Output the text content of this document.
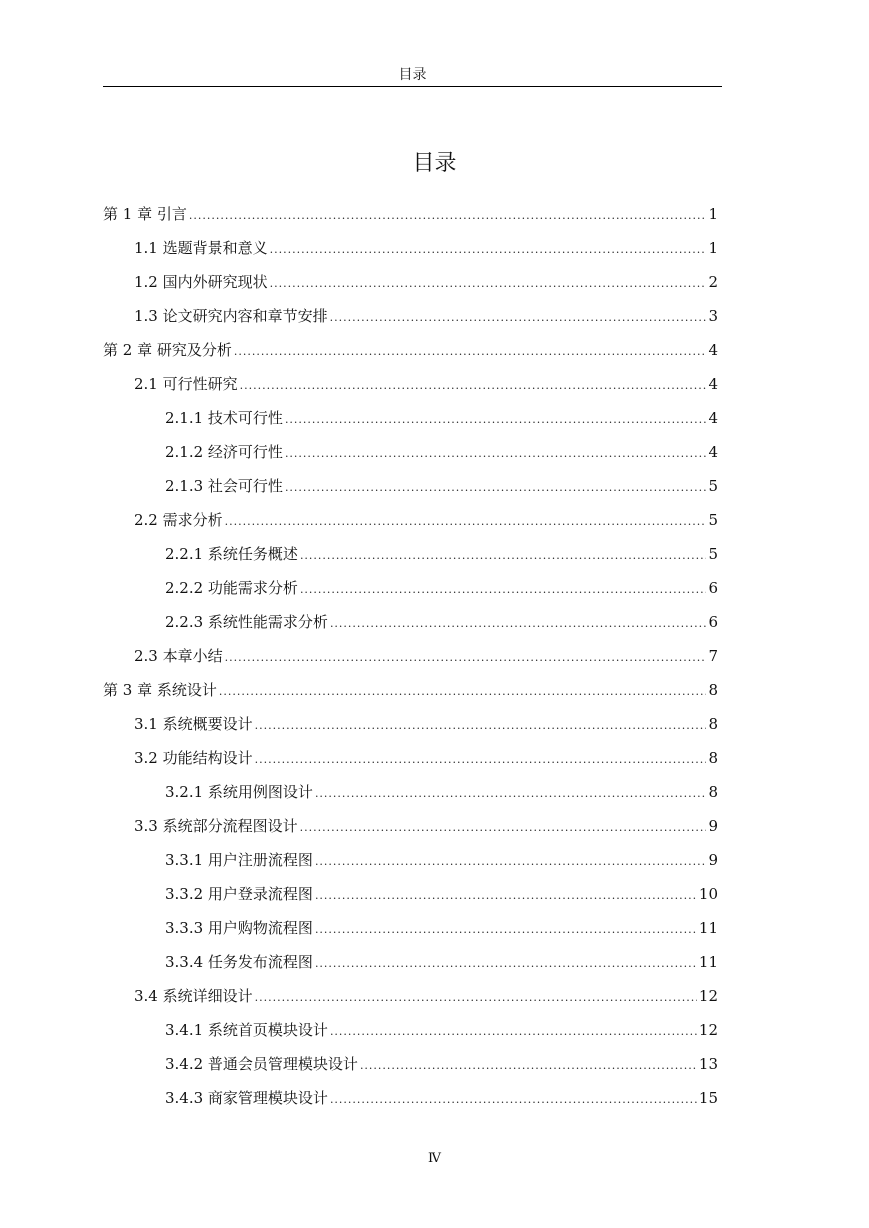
目录
目录
第 1 章 引言 .....	1
1.1 选题背景和意义 .....	1
1.2 国内外研究现状 .....	2
1.3 论文研究内容和章节安排 .....	3
第 2 章 研究及分析 .....	4
2.1 可行性研究 .....	4
2.1.1 技术可行性 .....	4
2.1.2 经济可行性 .....	4
2.1.3 社会可行性 .....	5
2.2 需求分析 .....	5
2.2.1 系统任务概述 .....	5
2.2.2 功能需求分析 .....	6
2.2.3 系统性能需求分析 .....	6
2.3 本章小结 .....	7
第 3 章 系统设计 .....	8
3.1 系统概要设计 .....	8
3.2 功能结构设计 .....	8
3.2.1 系统用例图设计 .....	8
3.3 系统部分流程图设计 .....	9
3.3.1 用户注册流程图 .....	9
3.3.2 用户登录流程图 .....	10
3.3.3 用户购物流程图 .....	11
3.3.4 任务发布流程图 .....	11
3.4 系统详细设计 .....	12
3.4.1 系统首页模块设计 .....	12
3.4.2 普通会员管理模块设计 .....	13
3.4.3 商家管理模块设计 .....	15
Ⅳ
